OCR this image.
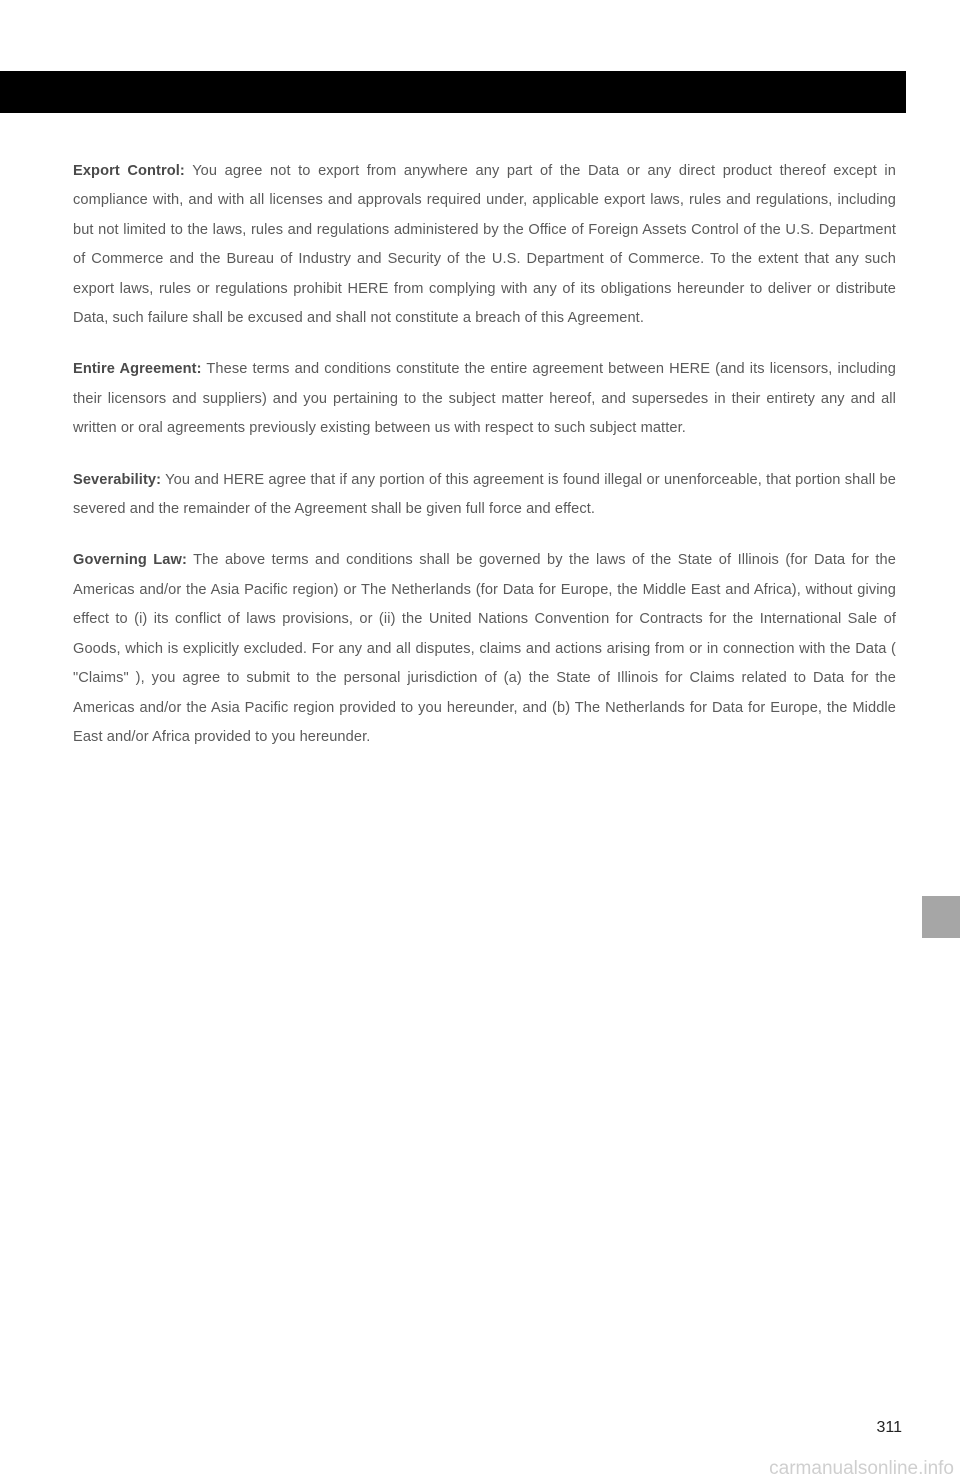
Export Control: You agree not to export from anywhere any part of the Data or any direct product thereof except in compliance with, and with all licenses and approvals required under, applicable export laws, rules and regulations, including but not limited to the laws, rules and regulations administered by the Office of Foreign Assets Control of the U.S. Department of Commerce and the Bureau of Industry and Security of the U.S. Department of Commerce. To the extent that any such export laws, rules or regulations prohibit HERE from complying with any of its obligations hereunder to deliver or distribute Data, such failure shall be excused and shall not constitute a breach of this Agreement.

Entire Agreement: These terms and conditions constitute the entire agreement between HERE (and its licensors, including their licensors and suppliers) and you pertaining to the subject matter hereof, and supersedes in their entirety any and all written or oral agreements previously existing between us with respect to such subject matter.

Severability: You and HERE agree that if any portion of this agreement is found illegal or unenforceable, that portion shall be severed and the remainder of the Agreement shall be given full force and effect.

Governing Law: The above terms and conditions shall be governed by the laws of the State of Illinois (for Data for the Americas and/or the Asia Pacific region) or The Netherlands (for Data for Europe, the Middle East and Africa), without giving effect to (i) its conflict of laws provisions, or (ii) the United Nations Convention for Contracts for the International Sale of Goods, which is explicitly excluded. For any and all disputes, claims and actions arising from or in connection with the Data ( "Claims" ), you agree to submit to the personal jurisdiction of (a) the State of Illinois for Claims related to Data for the Americas and/or the Asia Pacific region provided to you hereunder, and (b) The Netherlands for Data for Europe, the Middle East and/or Africa provided to you hereunder.

311
carmanualsonline.info
